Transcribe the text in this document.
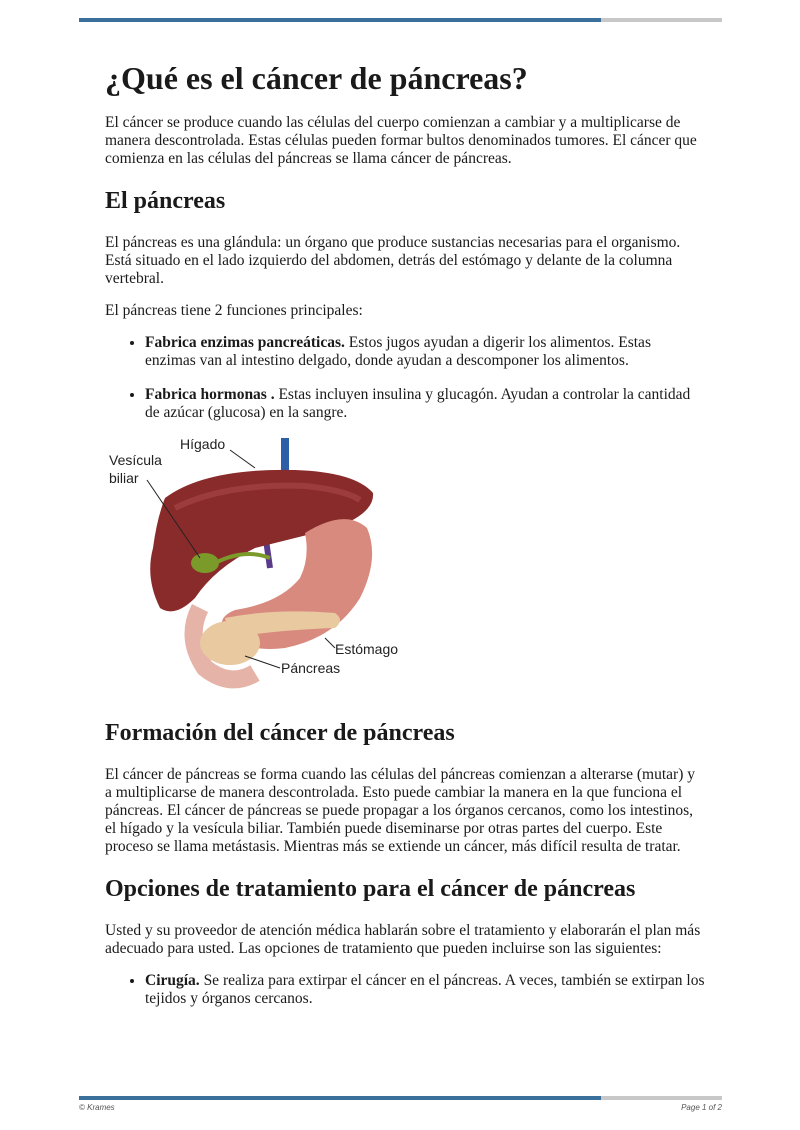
¿Qué es el cáncer de páncreas?

El cáncer se produce cuando las células del cuerpo comienzan a cambiar y a multiplicarse de manera descontrolada. Estas células pueden formar bultos denominados tumores. El cáncer que comienza en las células del páncreas se llama cáncer de páncreas.

El páncreas

El páncreas es una glándula: un órgano que produce sustancias necesarias para el organismo. Está situado en el lado izquierdo del abdomen, detrás del estómago y delante de la columna vertebral.

El páncreas tiene 2 funciones principales:

• Fabrica enzimas pancreáticas. Estos jugos ayudan a digerir los alimentos. Estas enzimas van al intestino delgado, donde ayudan a descomponer los alimentos.
• Fabrica hormonas . Estas incluyen insulina y glucagón. Ayudan a controlar la cantidad de azúcar (glucosa) en la sangre.
Hígado
Vesícula
biliar
Estómago
Páncreas
Formación del cáncer de páncreas

El cáncer de páncreas se forma cuando las células del páncreas comienzan a alterarse (mutar) y a multiplicarse de manera descontrolada. Esto puede cambiar la manera en la que funciona el páncreas. El cáncer de páncreas se puede propagar a los órganos cercanos, como los intestinos, el hígado y la vesícula biliar. También puede diseminarse por otras partes del cuerpo. Este proceso se llama metástasis. Mientras más se extiende un cáncer, más difícil resulta de tratar.

Opciones de tratamiento para el cáncer de páncreas

Usted y su proveedor de atención médica hablarán sobre el tratamiento y elaborarán el plan más adecuado para usted. Las opciones de tratamiento que pueden incluirse son las siguientes:

• Cirugía. Se realiza para extirpar el cáncer en el páncreas. A veces, también se extirpan los tejidos y órganos cercanos.
© Krames	Page 1 of 2
